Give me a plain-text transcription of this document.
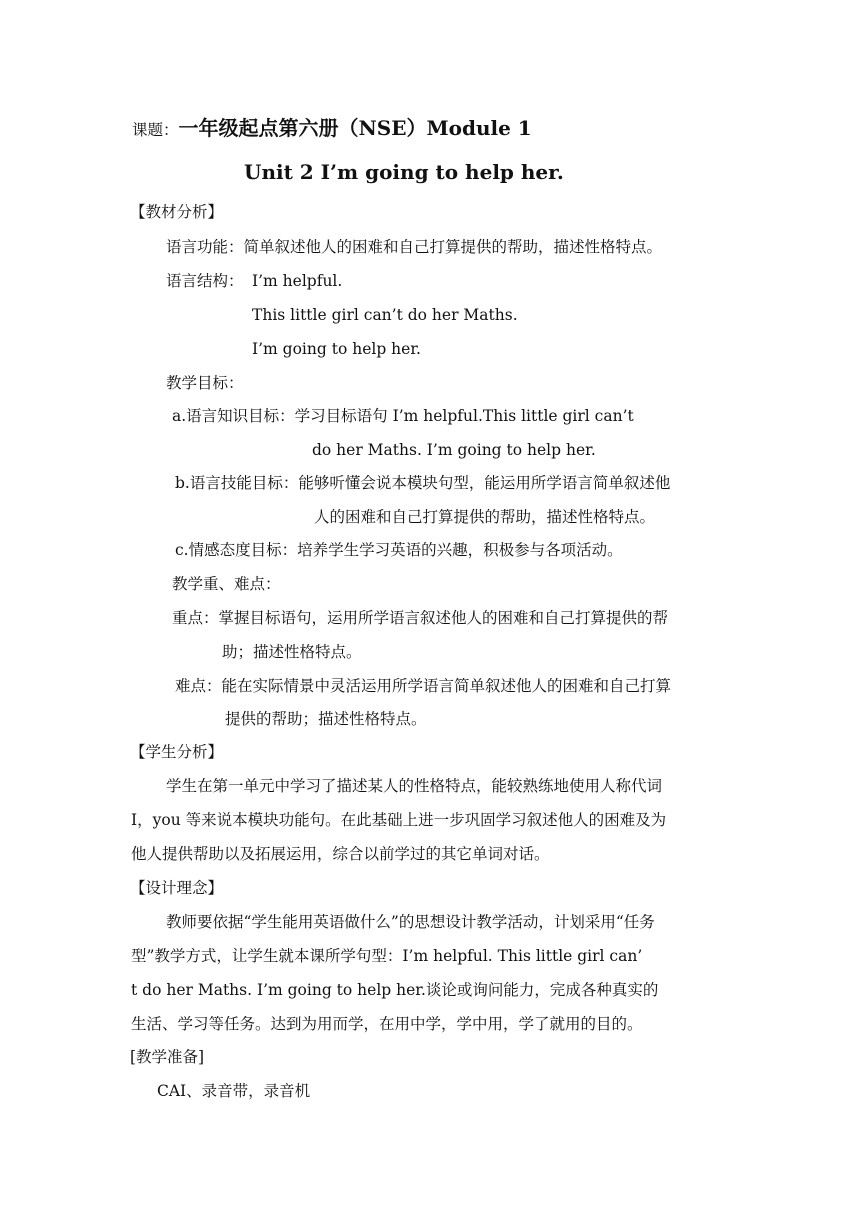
课题：一年级起点第六册（NSE）Module 1
Unit 2 I’m going to help her.
【教材分析】
语言功能：简单叙述他人的困难和自己打算提供的帮助，描述性格特点。
语言结构： I’m helpful.
This little girl can’t do her Maths.
I’m going to help her.
教学目标：
a.语言知识目标：学习目标语句 I’m helpful.This little girl can’t
do her Maths. I’m going to help her.
b.语言技能目标：能够听懂会说本模块句型，能运用所学语言简单叙述他
人的困难和自己打算提供的帮助，描述性格特点。
c.情感态度目标：培养学生学习英语的兴趣，积极参与各项活动。
教学重、难点：
重点：掌握目标语句，运用所学语言叙述他人的困难和自己打算提供的帮
助；描述性格特点。
难点：能在实际情景中灵活运用所学语言简单叙述他人的困难和自己打算
提供的帮助；描述性格特点。
【学生分析】
学生在第一单元中学习了描述某人的性格特点，能较熟练地使用人称代词
I，you 等来说本模块功能句。在此基础上进一步巩固学习叙述他人的困难及为
他人提供帮助以及拓展运用，综合以前学过的其它单词对话。
【设计理念】
教师要依据“学生能用英语做什么”的思想设计教学活动，计划采用“任务
型”教学方式，让学生就本课所学句型：I’m helpful. This little girl can’
t do her Maths. I’m going to help her.谈论或询问能力，完成各种真实的
生活、学习等任务。达到为用而学，在用中学，学中用，学了就用的目的。
[教学准备]
CAI、录音带，录音机
